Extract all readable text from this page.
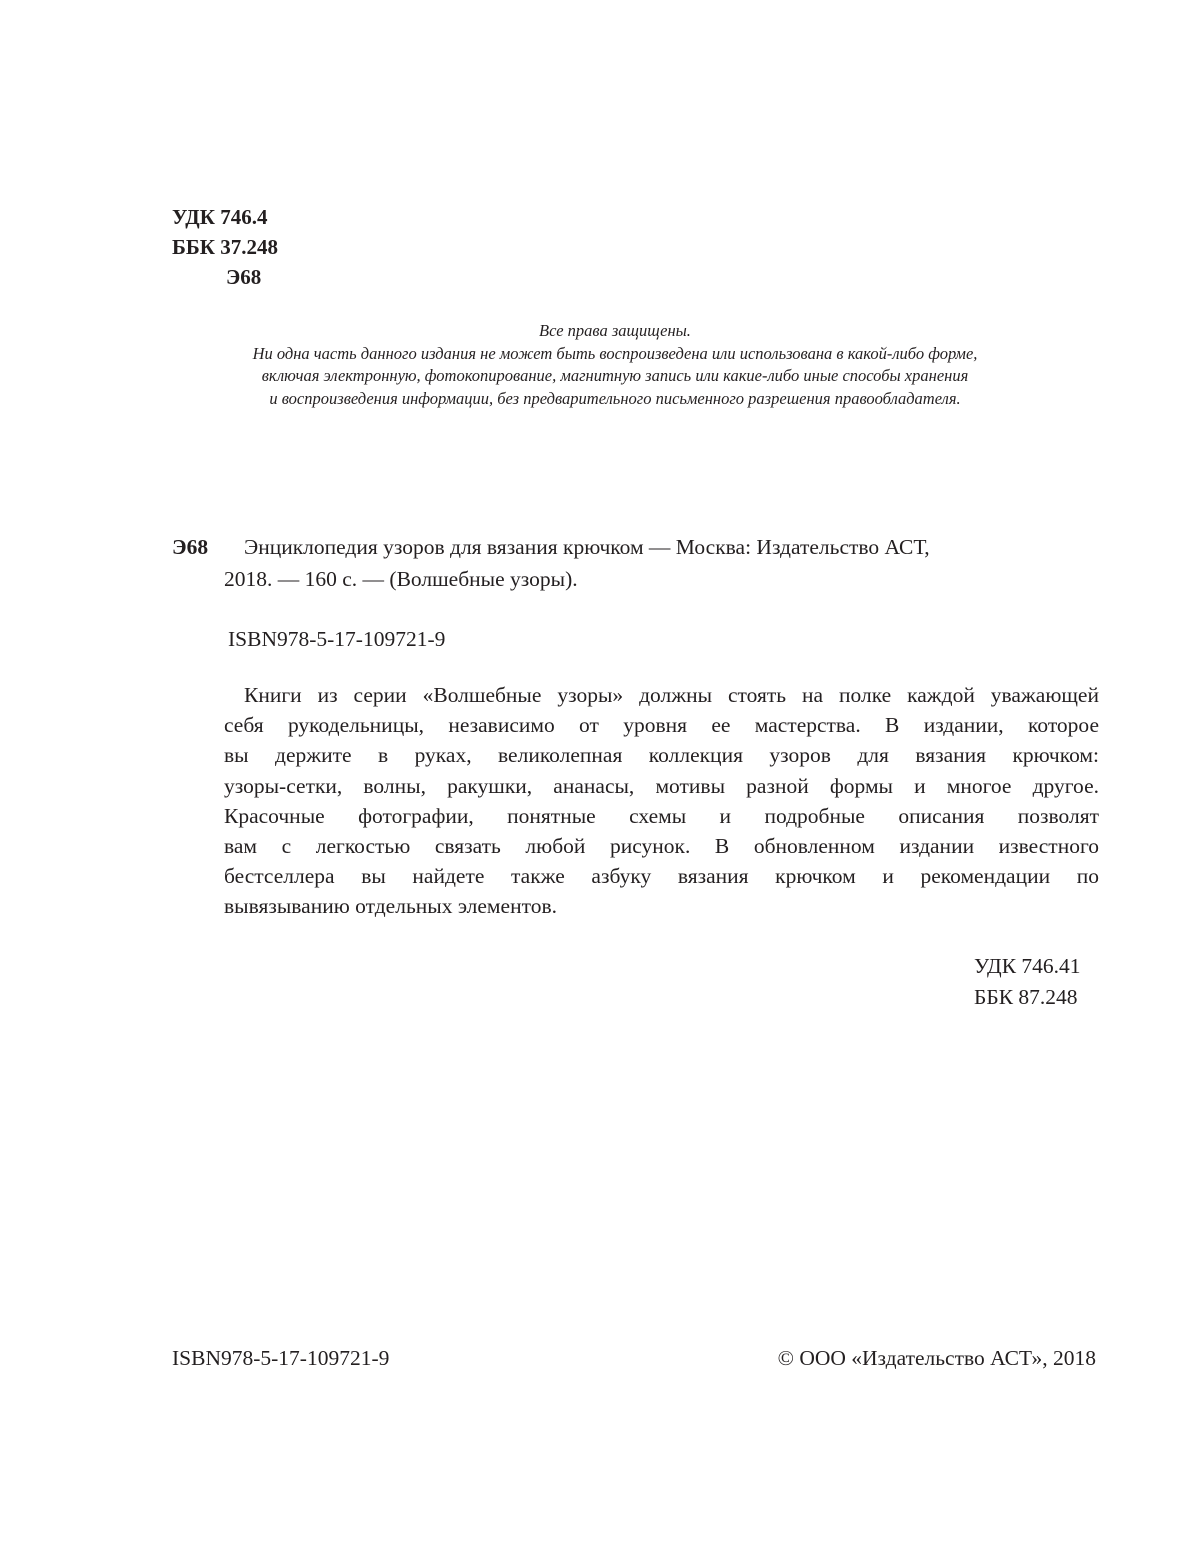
УДК 746.4
ББК 37.248
Э68
Все права защищены.
Ни одна часть данного издания не может быть воспроизведена или использована в какой-либо форме,
включая электронную, фотокопирование, магнитную запись или какие-либо иные способы хранения
и воспроизведения информации, без предварительного письменного разрешения правообладателя.
Э68 Энциклопедия узоров для вязания крючком — Москва: Издательство АСТ,
2018. — 160 с. — (Волшебные узоры).
ISBN978-5-17-109721-9
Книги из серии «Волшебные узоры» должны стоять на полке каждой уважающей
себя рукодельницы, независимо от уровня ее мастерства. В издании, которое
вы держите в руках, великолепная коллекция узоров для вязания крючком:
узоры-сетки, волны, ракушки, ананасы, мотивы разной формы и многое другое.
Красочные фотографии, понятные схемы и подробные описания позволят
вам с легкостью связать любой рисунок. В обновленном издании известного
бестселлера вы найдете также азбуку вязания крючком и рекомендации по
вывязыванию отдельных элементов.
УДК 746.41
ББК 87.248
ISBN978-5-17-109721-9	© ООО «Издательство АСТ», 2018
